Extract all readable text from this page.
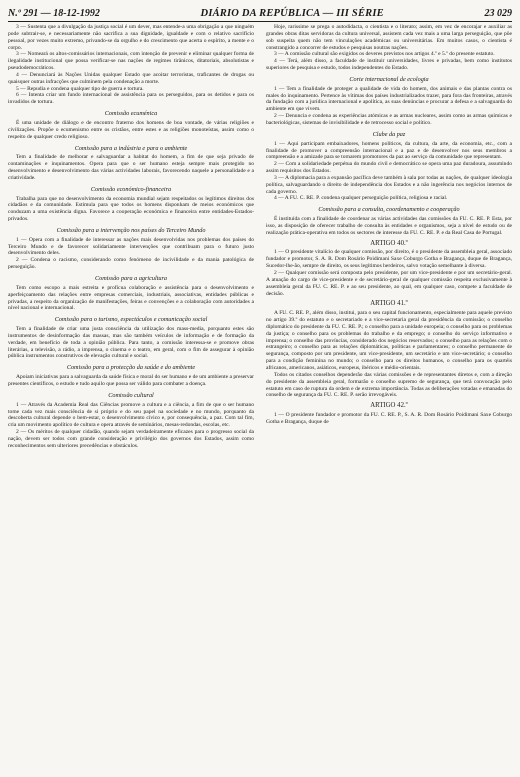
N.º 291 — 18-12-1992	DIÁRIO DA REPÚBLICA — III SÉRIE	23 029

3 — Sustenta que a divulgação da justiça social é um dever, mas entende-a uma obrigação a que ninguém pode subtrair-se, e necessariamente não sacrifica a sua dignidade, igualdade e com o relativo sacrifício pessoal, por vezes muito extremo, privando-se da orgulho e do crescimento que acerta o espírito, a mente e o corpo.

3 — Nomeará os altos-comissários internacionais, com intenção de prevenir e eliminar qualquer forma de ilegalidade institucional que possa verificar-se nas nações de regimes tirânicos, ditatoriais, absolutistas e pseudodemocráticos.

4 — Denunciará às Nações Unidas qualquer Estado que acoitar terroristas, traficantes de drogas ou quaisquer outras infracções que culminem pela condenação a morte.

5 — Repudia e condena qualquer tipo de guerra e tortura.

6 — Intenta criar um fundo internacional de assistência para os perseguidos, para os detidos e para os invadidos de tortura.

Comissão ecuménica

É uma unidade de diálogo e de encontro fraterno dos homens de boa vontade, de várias religiões e civilizações. Propõe o ecumenismo entre os cristãos, entre estes e as religiões monoteístas, assim como o respeito de qualquer credo religioso.

Comissão para a indústria e para o ambiente

Tem a finalidade de melhorar e salvaguardar a habitat do homem, a fim de que seja privado de contaminações e inquinamentos. Opera para que o ser humano esteja sempre mais protegido no desenvolvimento e desenvolvimento das várias actividades laborais, favorecendo naquele a personalidade e a criatividade.

Comissão económico-financeira

Trabalha para que no desenvolvimento da economia mundial sejam respeitados os legítimos direitos dos cidadãos e da comunidade. Estimula para que todos os homens disponham de meios económicos que conduzam a uma existência digna. Favorece a cooperação económica e financeira entre entidades-Estados-privados.

Comissão para a intervenção nos países do Terceiro Mundo

1 — Opera com a finalidade de interessar as nações mais desenvolvidas nos problemas dos países do Terceiro Mundo e de favorecer solidariamente intervenções que contribuam para o futuro justo desenvolvimento deles.

2 — Condena o racismo, considerando como fenómeno de incivilidade e da mania patológica de perseguição.

Comissão para a agricultura

Tem como escopo a mais estreita e profícua colaboração e assistência para o desenvolvimento e aperfeiçoamento das relações entre empresas comerciais, industriais, associativas, entidades públicas e privadas, a respeito da organização de manifestações, feiras e convenções e a colaboração com autoridades a nível nacional e internacional.

Comissão para o turismo, espectáculos e comunicação social

Tem a finalidade de criar uma justa consciência da utilização dos mass-media, porquanto estes são instrumentos de desinformação das massas, mas são também veículos de informação e de formação da verdade, em benefício de toda a opinião pública. Para tanto, a comissão interessa-se e promove obras literárias, a televisão, a rádio, a imprensa, o cinema e o teatro, em geral, com o fim de assegurar à opinião pública instrumentos construtivos de elevação cultural e social.

Comissão para a protecção da saúde e do ambiente

Apoiam iniciativas para a salvaguarda da saúde física e moral do ser humano e de um ambiente a preservar presentes científicos, o estudo e tudo aquilo que possa ser válido para combater a doença.

Comissão cultural

1 — Através da Academia Real das Ciências promove a cultura e a ciência, a fim de que o ser humano tome cada vez mais consciência de si próprio e do seu papel na sociedade e no mundo, porquanto da descoberta cultural depende o bem-estar, o desenvolvimento cívico e, por consequência, a paz. Com tal fim, cria um movimento apolítico de cultura e opera através de seminários, mesas-redondas, escolas, etc.

2 — Os méritos de qualquer cidadão, quando sejam verdadeiramente eficazes para o progresso social da nação, devem ser todos com grande consideração e privilégio dos governos dos Estados, assim como reconhecimentos sem ulteriores precedências e obstáculos.

Hoje, rarissime se prega o autodidacta, o cientista e o literato; assim, em vez de encorajar e auxiliar as grandes obras ditas servidoras da cultura universal, assistem cada vez mais a uma larga perseguição, que pôe sob suspeita quem não tem vinculações académicas ou universitárias. Em muitos casos, o cientista é constrangido a concorrer de estudos e pesquisas noutras nações.

3 — A comissão cultural são exigidos os deveres previstos nos artigos 4.º e 5.º do presente estatuto.

4 — Terá, além disso, a faculdade de instituir universidades, livres e privadas, bem como institutos superiores de pesquisa e estudo, todos independentes do Estado.

Corte internacional de ecologia

1 — Tem a finalidade de proteger a qualidade de vida do homem, dos animais e das plantas contra os males do inquinamento. Pertence às vítimas dos países industrializados trazer, para fora das fronteiras, através da fundação com a jurídica internacional e apolítica, as suas denúncias e procurar a defesa e a salvaguarda do ambiente em que vivem.

2 — Denuncia e condena as experiências atómicas e as armas nucleares, assim como as armas químicas e bacteriológicas, sistemas de invisibilidade e de retrocesso social e político.

Clube da paz

1 — Aqui participam embaixadores, homens políticos, da cultura, da arte, da economia, etc., com a finalidade de promover a compreensão internacional e a paz e de desenvolver nos seus membros a compreensão e a amizade para se tornarem promotores da paz ao serviço da comunidade que representam.

2 — Com a solidariedade perpétua do mundo civil e democrático se opera uma paz duradoura, assumindo assim requisitos dos Estados.

3 — A diplomacia para a expansão pacífica deve também à sala por todas as nações, de qualquer ideologia política, salvaguardando o direito de independência dos Estados e a não ingerência nos negócios internos de cada governo.

4 — A FU. C. RE. P. condena qualquer perseguição política, religiosa e racial.

Comissão para a consulta, coordenamento e cooperação

É instituída com a finalidade de coordenar as várias actividades das comissões da FU. C. RE. P. Esta, por isso, as disposição de oferecer trabalho de consulta às entidades e organismos, seja a nível de estudo ou de realização prática-operativa em todos os sectores de interesse da FU. C. RE. P. e da Real Casa de Portugal.

ARTIGO 40.º

1 — O presidente vitalício de qualquer comissão, por direito, é o presidente da assembleia geral, associado fundador e promotor, S. A. R. Dom Rosário Poidimani Saxe Coburgo Gotha e Bragança, duque de Bragança, Sucedor-lhe-ão, sempre de direito, os seus legítimos herdeiros, salvo votação semelhante à diversa.

2 — Qualquer comissão será composta pelo presidente, por um vice-presidente e por um secretário-geral. A atuação do cargo de vice-presidente e de secretário-geral de qualquer comissão respeita exclusivamente à assembleia geral da FU. C. RE. P. e ao seu presidente, ao qual, em qualquer caso, compete a faculdade de decisão.

ARTIGO 41.º

A FU. C. RE. P., além disso, institui, para o seu capital funcionamento, especialmente para aquele previsto no artigo 39.º do estatuto e o secretariado e a vice-secretaria geral da presidência da comissão; o conselho diplomático do presidente da FU. C. RE. P.; o conselho para a unidade europeia; o conselho para os problemas da justiça; o conselho para os problemas do trabalho e da emprego; o conselho do serviço informativo e imprensa; o conselho das províncias, considerado dos negócios reservados; o conselho para as relações com o estrangeiro; o conselho para as relações diplomáticas, políticas e parlamentares; o conselho permanente de segurança, composto por um presidente, um vice-presidente, um secretário e um vice-secretário; o conselho para a condição feminina no mundo; o conselho para os direitos humanos, o conselho para os quartéis africanos, americanos, asiáticos, europeus, ibéricos e médio-orientais.

Todos os citados conselhos dependerão das várias comissões e de representantes diretos e, com a direção do presidente da assembleia geral, formarão o conselho supremo de segurança, que terá convocação pelo estatuto em caso de ruptura da ordem e de extrema importância. Todas as deliberações votadas e emanadas do conselho de segurança da FU. C. RE. P. serão irrevogáveis.

ARTIGO 42.º

1 — O presidente fundador e promotor da FU. C. RE. P., S. A. R. Dom Rosário Poidimani Saxe Coburgo Gotha e Bragança, duque de
